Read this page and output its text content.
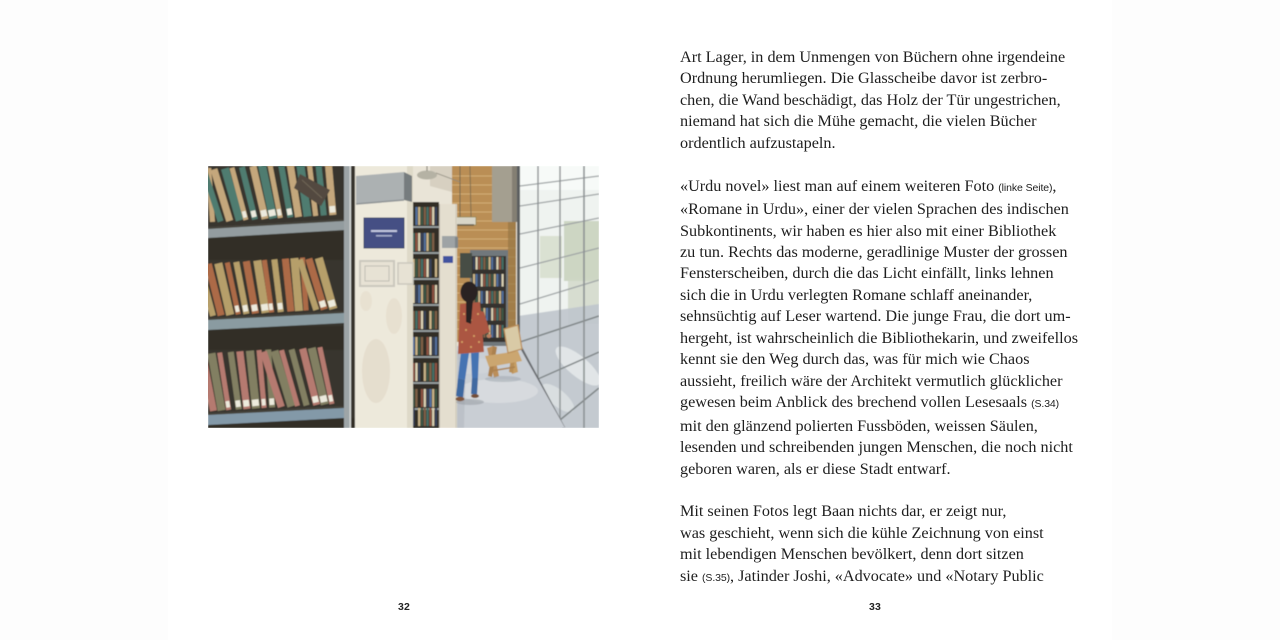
32
Art Lager, in dem Unmengen von Büchern ohne irgendeine
Ordnung herumliegen. Die Glasscheibe davor ist zerbro-
chen, die Wand beschädigt, das Holz der Tür ungestrichen,
niemand hat sich die Mühe gemacht, die vielen Bücher
ordentlich aufzustapeln.
«Urdu novel» liest man auf einem weiteren Foto (linke Seite),
«Romane in Urdu», einer der vielen Sprachen des indischen
Subkontinents, wir haben es hier also mit einer Bibliothek
zu tun. Rechts das moderne, geradlinige Muster der grossen
Fensterscheiben, durch die das Licht einfällt, links lehnen
sich die in Urdu verlegten Romane schlaff aneinander,
sehnsüchtig auf Leser wartend. Die junge Frau, die dort um-
hergeht, ist wahrscheinlich die Bibliothekarin, und zweifellos
kennt sie den Weg durch das, was für mich wie Chaos
aussieht, freilich wäre der Architekt vermutlich glücklicher
gewesen beim Anblick des brechend vollen Lesesaals (S.34)
mit den glänzend polierten Fussböden, weissen Säulen,
lesenden und schreibenden jungen Menschen, die noch nicht
geboren waren, als er diese Stadt entwarf.
Mit seinen Fotos legt Baan nichts dar, er zeigt nur,
was geschieht, wenn sich die kühle Zeichnung von einst
mit lebendigen Menschen bevölkert, denn dort sitzen
sie (S.35), Jatinder Joshi, «Advocate» und «Notary Public
33
